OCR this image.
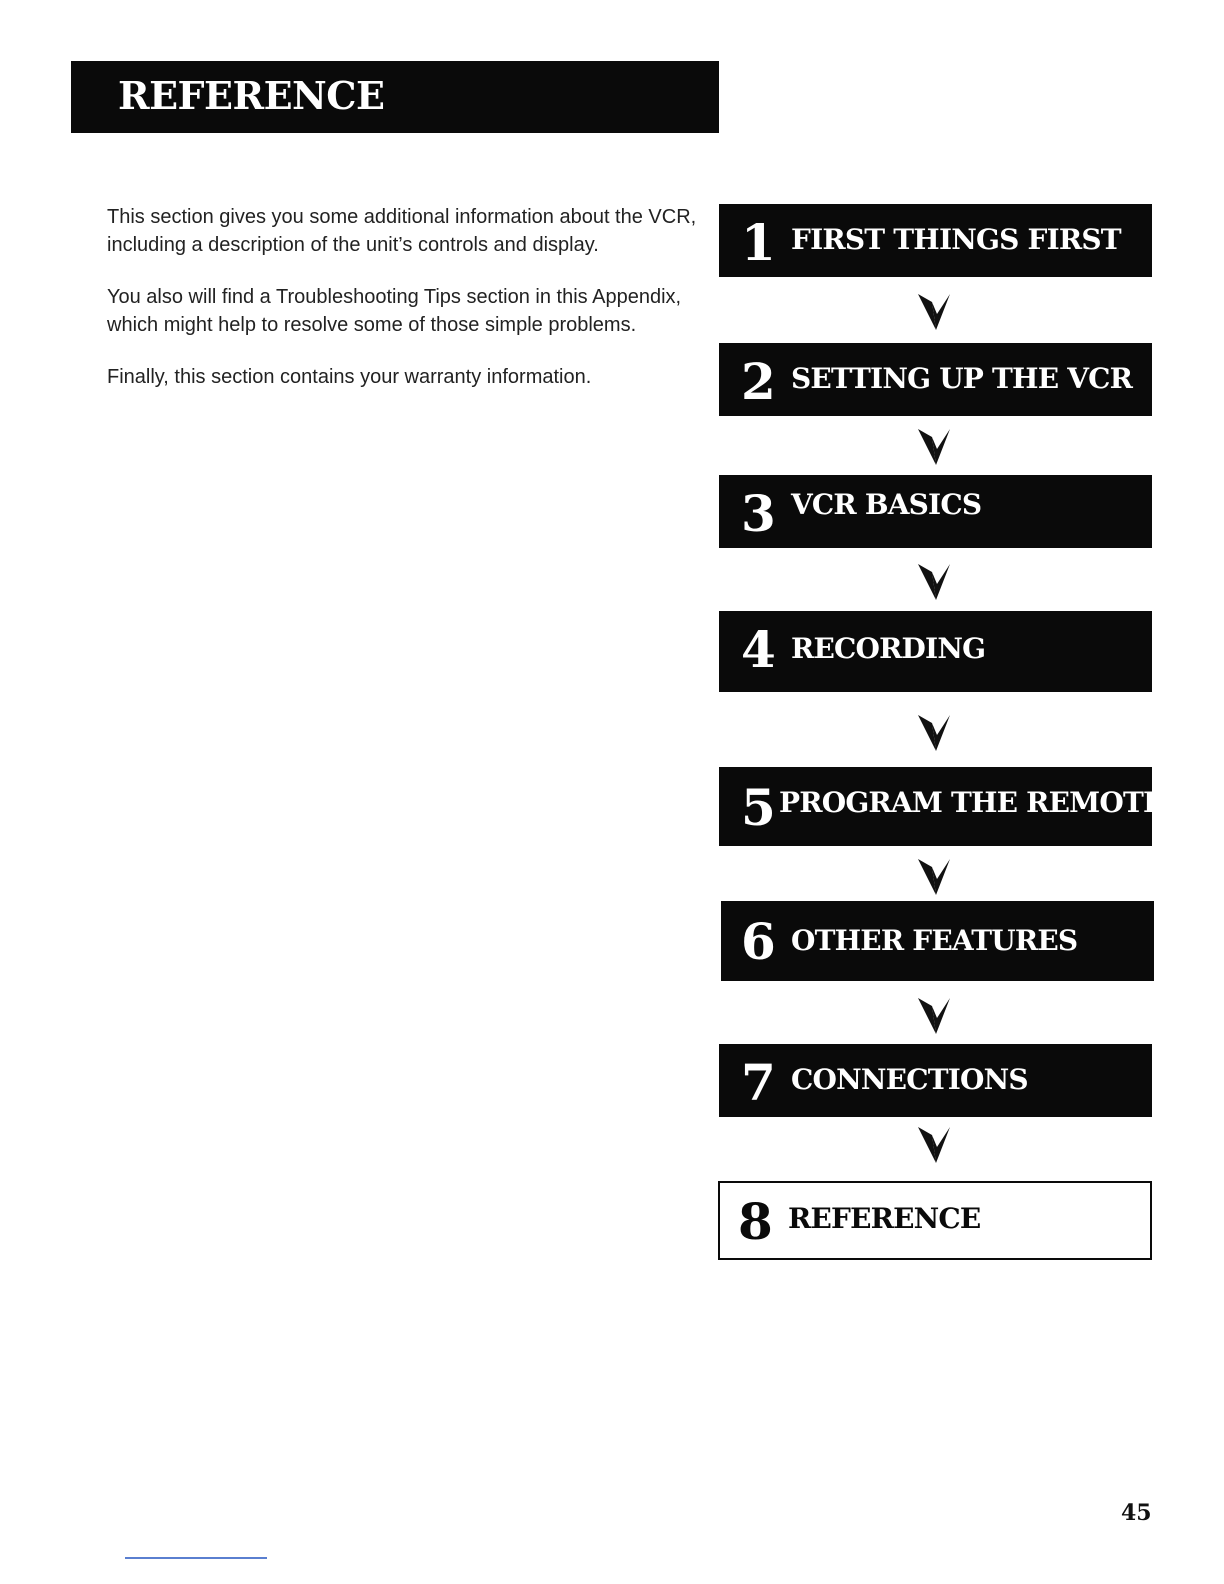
REFERENCE

This section gives you some additional information about the VCR, including a description of the unit’s controls and display.

You also will find a Troubleshooting Tips section in this Appendix, which might help to resolve some of those simple problems.

Finally, this section contains your warranty information.

1 FIRST THINGS FIRST
2 SETTING UP THE VCR
3 VCR BASICS
4 RECORDING
5 PROGRAM THE REMOTE
6 OTHER FEATURES
7 CONNECTIONS
8 REFERENCE
45
